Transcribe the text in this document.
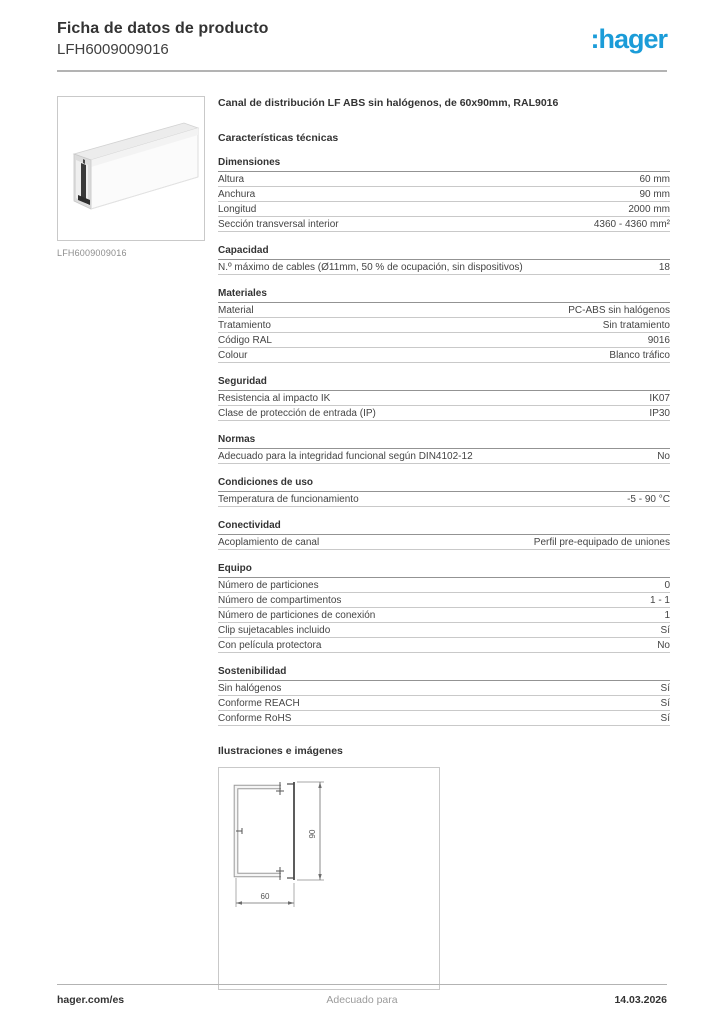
Ficha de datos de producto
LFH6009009016	:hager
LFH6009009016
Canal de distribución LF ABS sin halógenos, de 60x90mm, RAL9016
Características técnicas
Dimensiones
Altura	60 mm
Anchura	90 mm
Longitud	2000 mm
Sección transversal interior	4360 - 4360 mm²
Capacidad
N.º máximo de cables (Ø11mm, 50 % de ocupación, sin dispositivos)	18
Materiales
Material	PC-ABS sin halógenos
Tratamiento	Sin tratamiento
Código RAL	9016
Colour	Blanco tráfico
Seguridad
Resistencia al impacto IK	IK07
Clase de protección de entrada (IP)	IP30
Normas
Adecuado para la integridad funcional según DIN4102-12	No
Condiciones de uso
Temperatura de funcionamiento	-5 - 90 °C
Conectividad
Acoplamiento de canal	Perfil pre-equipado de uniones
Equipo
Número de particiones	0
Número de compartimentos	1 - 1
Número de particiones de conexión	1
Clip sujetacables incluido	Sí
Con película protectora	No
Sostenibilidad
Sin halógenos	Sí
Conforme REACH	Sí
Conforme RoHS	Sí
Ilustraciones e imágenes
90
60
hager.com/es	Adecuado para	14.03.2026
